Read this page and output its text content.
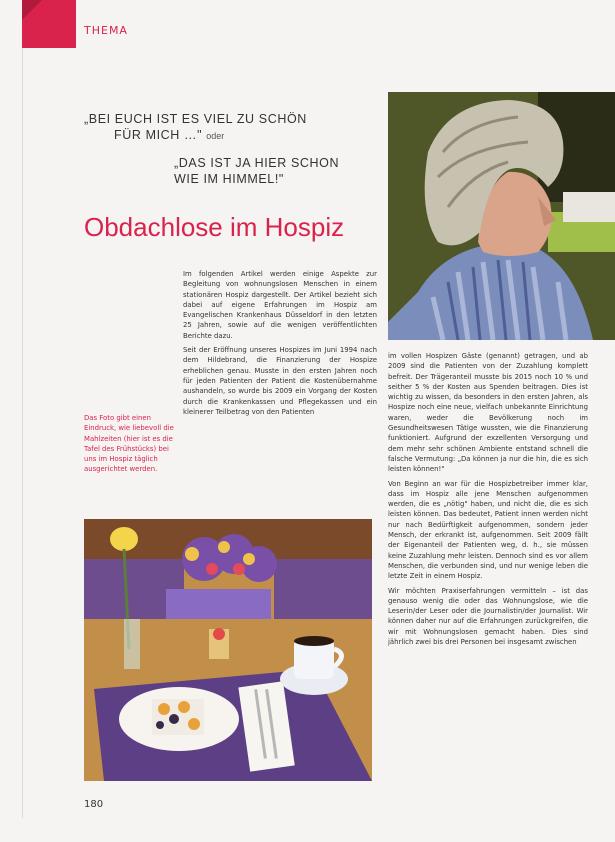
THEMA
„BEI EUCH IST ES VIEL ZU SCHÖN
FÜR MICH …" oder
„DAS IST JA HIER SCHON
WIE IM HIMMEL!"
Obdachlose im Hospiz
Das Foto gibt einen Eindruck, wie liebevoll die Mahlzeiten (hier ist es die Tafel des Frühstücks) bei uns im Hospiz täglich ausgerichtet werden.

Im folgenden Artikel werden einige Aspekte zur Begleitung von wohnungslosen Menschen in einem stationären Hospiz dargestellt. Der Artikel bezieht sich dabei auf eigene Erfahrungen im Hospiz am Evangelischen Krankenhaus Düsseldorf in den letzten 25 Jahren, sowie auf die wenigen veröffentlichten Berichte dazu.

Seit der Eröffnung unseres Hospizes im Juni 1994 nach dem Hildebrand, die Finanzierung der Hospize erheblichen genau. Musste in den ersten Jahren noch für jeden Patienten der Patient die Kostenübernahme aushandeln, so wurde bis 2009 ein Vorgang der Kosten durch die Krankenkassen und Pflegekassen und ein kleinerer Teilbetrag von den Patienten

im vollen Hospizen Gäste (genannt) getragen, und ab 2009 sind die Patienten von der Zuzahlung komplett befreit. Der Trägeranteil musste bis 2015 noch 10 % und seither 5 % der Kosten aus Spenden beitragen. Dies ist wichtig zu wissen, da besonders in den ersten Jahren, als Hospize noch eine neue, vielfach unbekannte Einrichtung waren, weder die Bevölkerung noch im Gesundheitswesen Tätige wussten, wie die Finanzierung funktioniert. Aufgrund der exzellenten Versorgung und dem mehr sehr schönen Ambiente entstand schnell die falsche Vermutung: „Da können ja nur die hin, die es sich leisten können!"

Von Beginn an war für die Hospizbetreiber immer klar, dass im Hospiz alle jene Menschen aufgenommen werden, die es „nötig" haben, und nicht die, die es sich leisten können. Das bedeutet, Patient innen werden nicht nur nach Bedürftigkeit aufgenommen, sondern jeder Mensch, der erkrankt ist, aufgenommen. Seit 2009 fällt der Eigenanteil der Patienten weg, d. h., sie müssen keine Zuzahlung mehr leisten. Dennoch sind es vor allem Menschen, die verbunden sind, und nur wenige leben die letzte Zeit in einem Hospiz.

Wir möchten Praxiserfahrungen vermitteln – ist das genauso wenig die oder das Wohnungslose, wie die Leserin/der Leser oder die Journalistin/der Journalist. Wir können daher nur auf die Erfahrungen zurückgreifen, die wir mit Wohnungslosen gemacht haben. Dies sind jährlich zwei bis drei Personen bei insgesamt zwischen

180
